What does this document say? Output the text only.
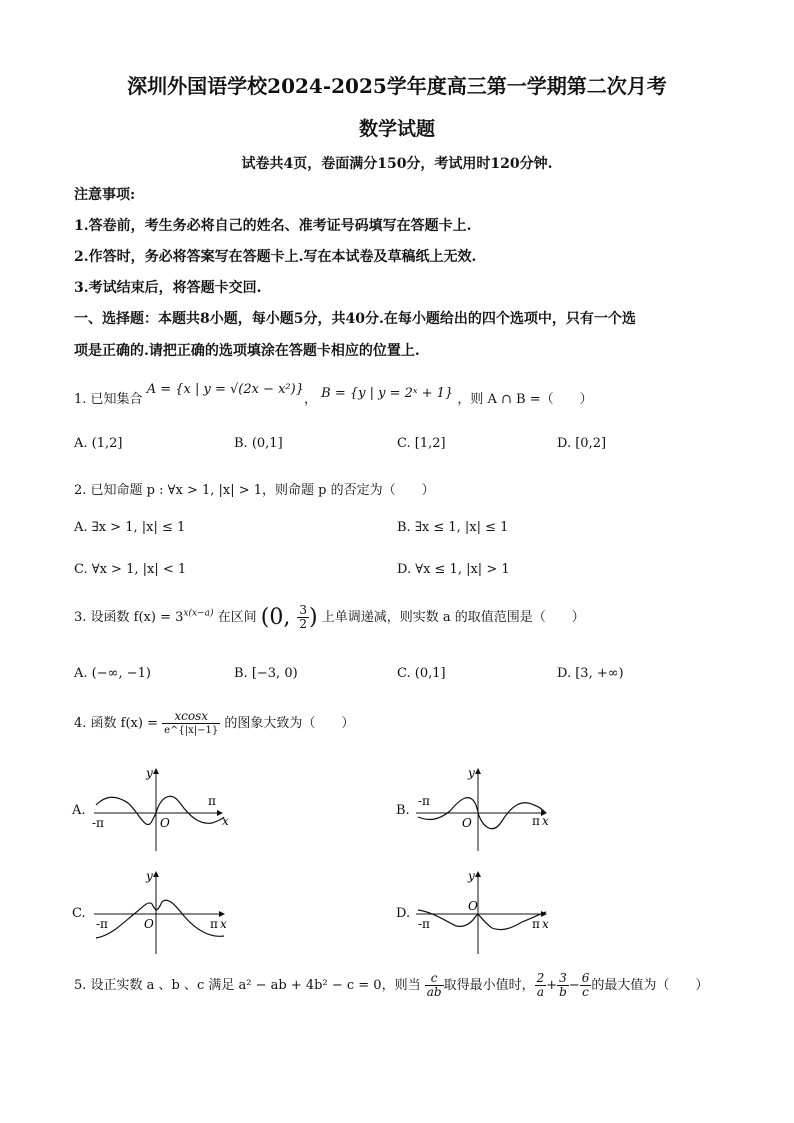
深圳外国语学校2024-2025学年度高三第一学期第二次月考
数学试题
试卷共4页，卷面满分150分，考试用时120分钟.
注意事项:
1.答卷前，考生务必将自己的姓名、准考证号码填写在答题卡上.
2.作答时，务必将答案写在答题卡上.写在本试卷及草稿纸上无效.
3.考试结束后，将答题卡交回.
一、选择题：本题共8小题，每小题5分，共40分.在每小题给出的四个选项中，只有一个选
项是正确的.请把正确的选项填涂在答题卡相应的位置上.
1. 已知集合 A = {x | y = √(2x − x²)}， B = {y | y = 2ˣ + 1} ，则 A ∩ B =（　　）
A. (1,2]	B. (0,1]	C. [1,2]	D. [0,2]
2. 已知命题 p : ∀x > 1, |x| > 1，则命题 p 的否定为（　　）
A. ∃x > 1, |x| ≤ 1	B. ∃x ≤ 1, |x| ≤ 1
C. ∀x > 1, |x| < 1	D. ∀x ≤ 1, |x| > 1
3. 设函数 $f(x) = 3^{x(x-a)}$ 在区间 (0, $\frac{3}{2}$ ) 上单调递减，则实数 a 的取值范围是（　　）
A. (−∞, −1)	B. [−3, 0)	C. (0,1]	D. [3, +∞)
4. 函数 $f(x) = \frac{xcosx}{e\^{}\{|x|-1\}}$ 的图象大致为（　　）
A.
-π
π
O	x
y
B.
-π
π
O	x
y
C.
-π	π
O	x
y
D.
-π	π
O
x
y
5. 设正实数 a 、b 、c 满足 a² − ab + 4b² − c = 0，则当 $\frac{c}{ab}$ 取得最小值时， $\frac{2}{a} + \frac{3}{b} - \frac{6}{c}$ 的最大值为（　　）
